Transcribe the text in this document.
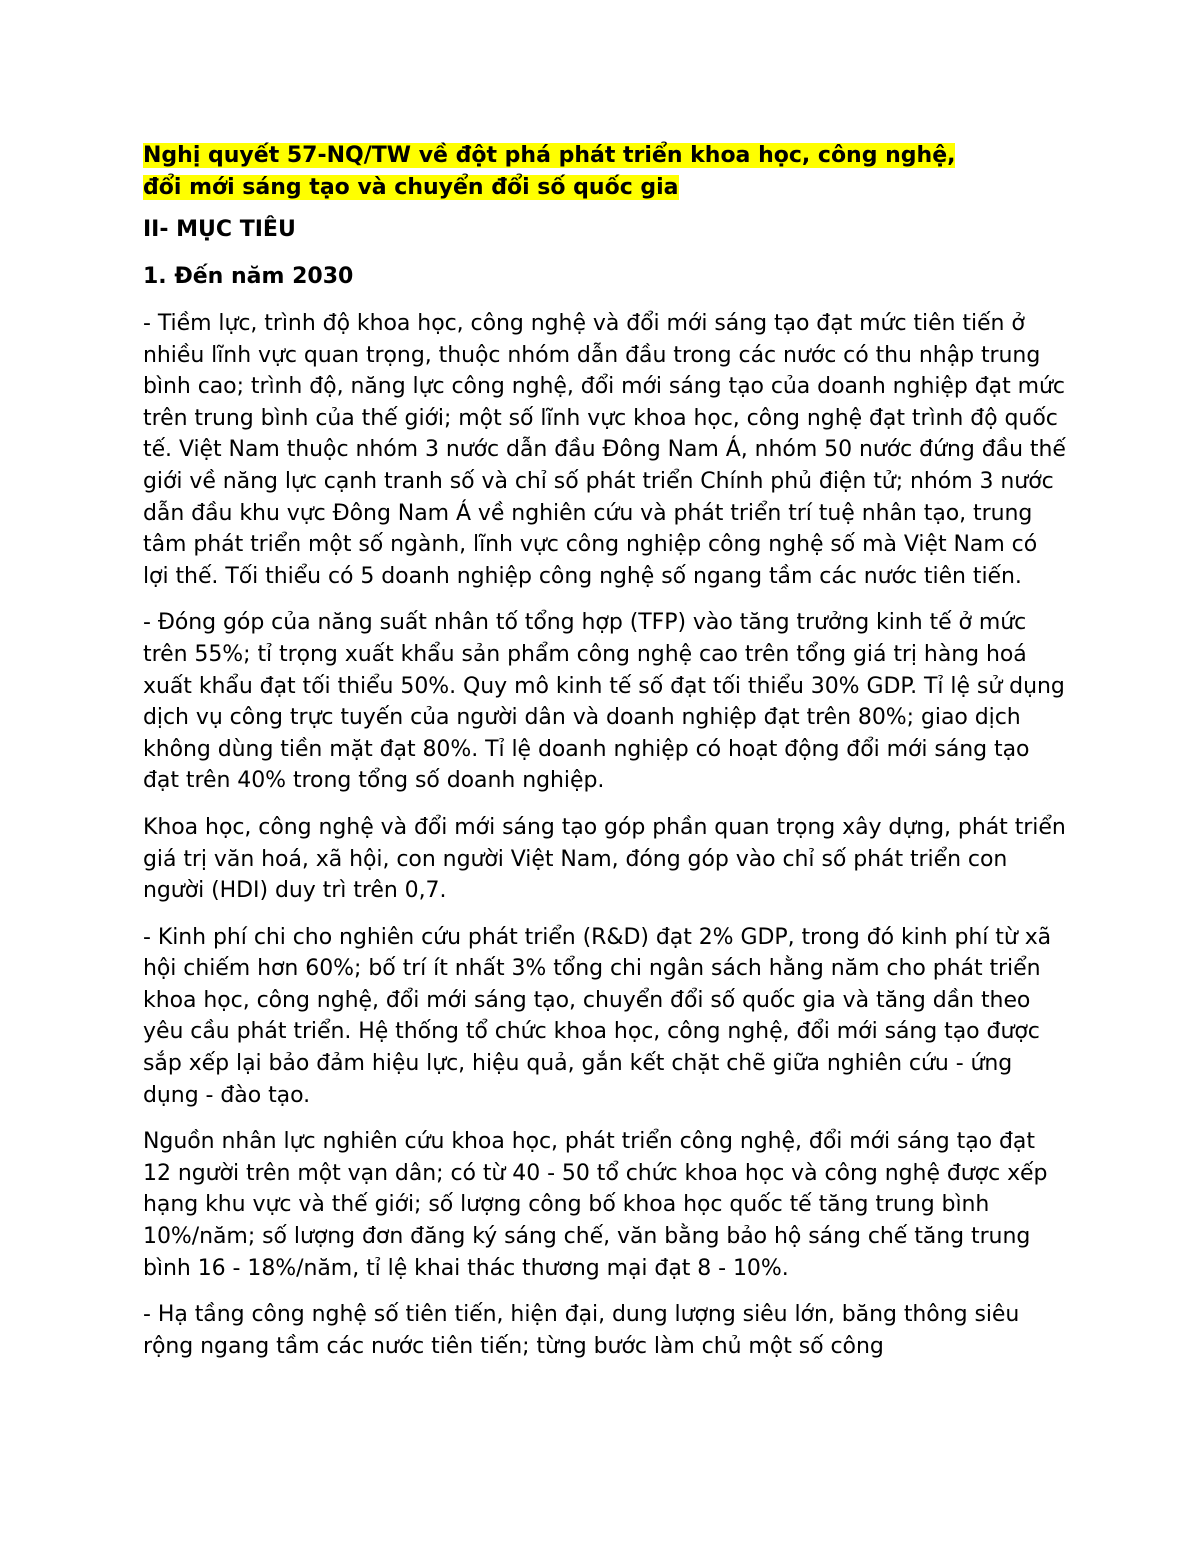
Nghị quyết 57-NQ/TW về đột phá phát triển khoa học, công nghệ,
đổi mới sáng tạo và chuyển đổi số quốc gia
II- MỤC TIÊU
1. Đến năm 2030

- Tiềm lực, trình độ khoa học, công nghệ và đổi mới sáng tạo đạt mức tiên tiến ở nhiều lĩnh vực quan trọng, thuộc nhóm dẫn đầu trong các nước có thu nhập trung bình cao; trình độ, năng lực công nghệ, đổi mới sáng tạo của doanh nghiệp đạt mức trên trung bình của thế giới; một số lĩnh vực khoa học, công nghệ đạt trình độ quốc tế. Việt Nam thuộc nhóm 3 nước dẫn đầu Đông Nam Á, nhóm 50 nước đứng đầu thế giới về năng lực cạnh tranh số và chỉ số phát triển Chính phủ điện tử; nhóm 3 nước dẫn đầu khu vực Đông Nam Á về nghiên cứu và phát triển trí tuệ nhân tạo, trung tâm phát triển một số ngành, lĩnh vực công nghiệp công nghệ số mà Việt Nam có lợi thế. Tối thiểu có 5 doanh nghiệp công nghệ số ngang tầm các nước tiên tiến.

- Đóng góp của năng suất nhân tố tổng hợp (TFP) vào tăng trưởng kinh tế ở mức trên 55%; tỉ trọng xuất khẩu sản phẩm công nghệ cao trên tổng giá trị hàng hoá xuất khẩu đạt tối thiểu 50%. Quy mô kinh tế số đạt tối thiểu 30% GDP. Tỉ lệ sử dụng dịch vụ công trực tuyến của người dân và doanh nghiệp đạt trên 80%; giao dịch không dùng tiền mặt đạt 80%. Tỉ lệ doanh nghiệp có hoạt động đổi mới sáng tạo đạt trên 40% trong tổng số doanh nghiệp.

Khoa học, công nghệ và đổi mới sáng tạo góp phần quan trọng xây dựng, phát triển giá trị văn hoá, xã hội, con người Việt Nam, đóng góp vào chỉ số phát triển con người (HDI) duy trì trên 0,7.

- Kinh phí chi cho nghiên cứu phát triển (R&D) đạt 2% GDP, trong đó kinh phí từ xã hội chiếm hơn 60%; bố trí ít nhất 3% tổng chi ngân sách hằng năm cho phát triển khoa học, công nghệ, đổi mới sáng tạo, chuyển đổi số quốc gia và tăng dần theo yêu cầu phát triển. Hệ thống tổ chức khoa học, công nghệ, đổi mới sáng tạo được sắp xếp lại bảo đảm hiệu lực, hiệu quả, gắn kết chặt chẽ giữa nghiên cứu - ứng dụng - đào tạo.

Nguồn nhân lực nghiên cứu khoa học, phát triển công nghệ, đổi mới sáng tạo đạt 12 người trên một vạn dân; có từ 40 - 50 tổ chức khoa học và công nghệ được xếp hạng khu vực và thế giới; số lượng công bố khoa học quốc tế tăng trung bình 10%/năm; số lượng đơn đăng ký sáng chế, văn bằng bảo hộ sáng chế tăng trung bình 16 - 18%/năm, tỉ lệ khai thác thương mại đạt 8 - 10%.

- Hạ tầng công nghệ số tiên tiến, hiện đại, dung lượng siêu lớn, băng thông siêu rộng ngang tầm các nước tiên tiến; từng bước làm chủ một số công
